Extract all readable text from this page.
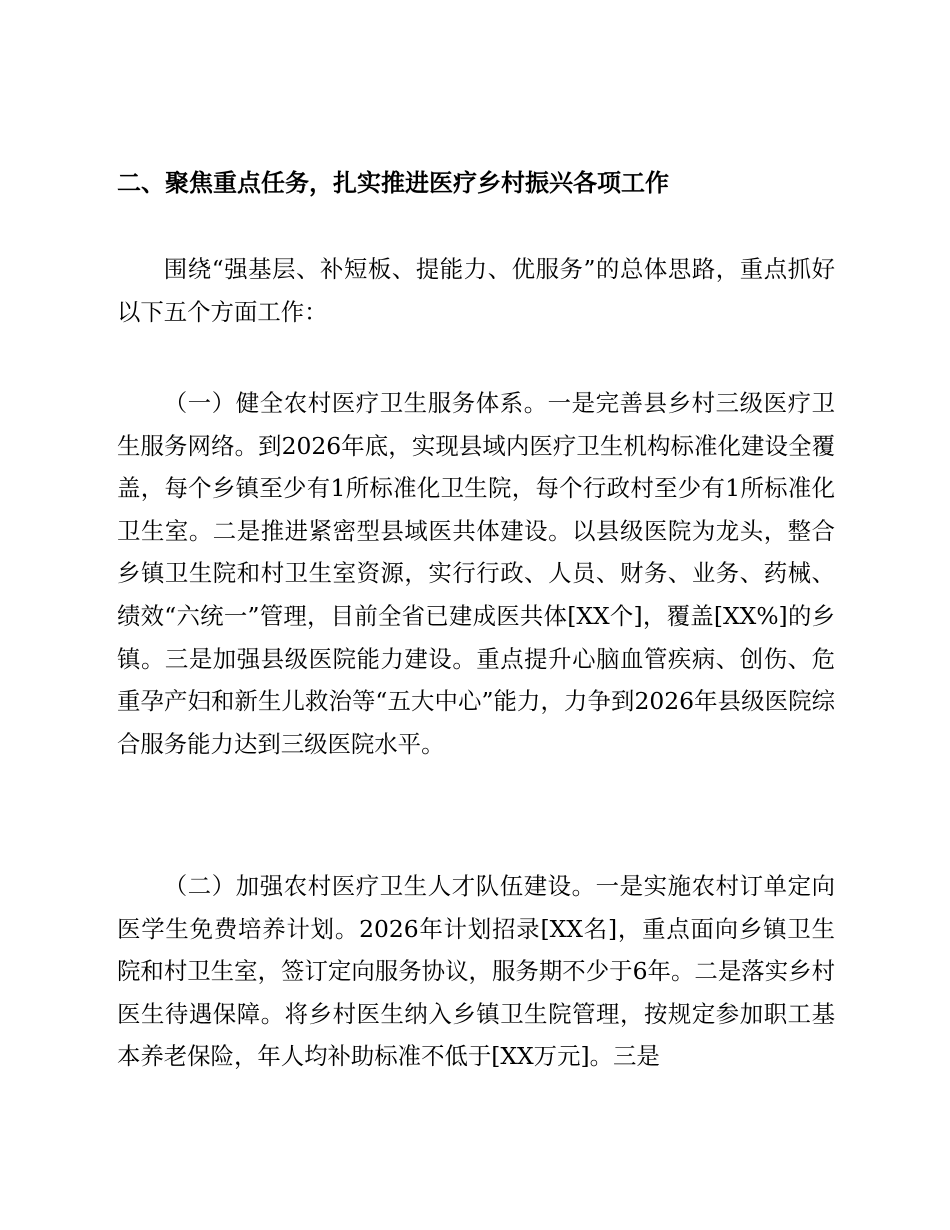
二、聚焦重点任务，扎实推进医疗乡村振兴各项工作

围绕“强基层、补短板、提能力、优服务”的总体思路，重点抓好以下五个方面工作：

（一）健全农村医疗卫生服务体系。一是完善县乡村三级医疗卫生服务网络。到2026年底，实现县域内医疗卫生机构标准化建设全覆盖，每个乡镇至少有1所标准化卫生院，每个行政村至少有1所标准化卫生室。二是推进紧密型县域医共体建设。以县级医院为龙头，整合乡镇卫生院和村卫生室资源，实行行政、人员、财务、业务、药械、绩效“六统一”管理，目前全省已建成医共体[XX个]，覆盖[XX%]的乡镇。三是加强县级医院能力建设。重点提升心脑血管疾病、创伤、危重孕产妇和新生儿救治等“五大中心”能力，力争到2026年县级医院综合服务能力达到三级医院水平。

（二）加强农村医疗卫生人才队伍建设。一是实施农村订单定向医学生免费培养计划。2026年计划招录[XX名]，重点面向乡镇卫生院和村卫生室，签订定向服务协议，服务期不少于6年。二是落实乡村医生待遇保障。将乡村医生纳入乡镇卫生院管理，按规定参加职工基本养老保险，年人均补助标准不低于[XX万元]。三是
